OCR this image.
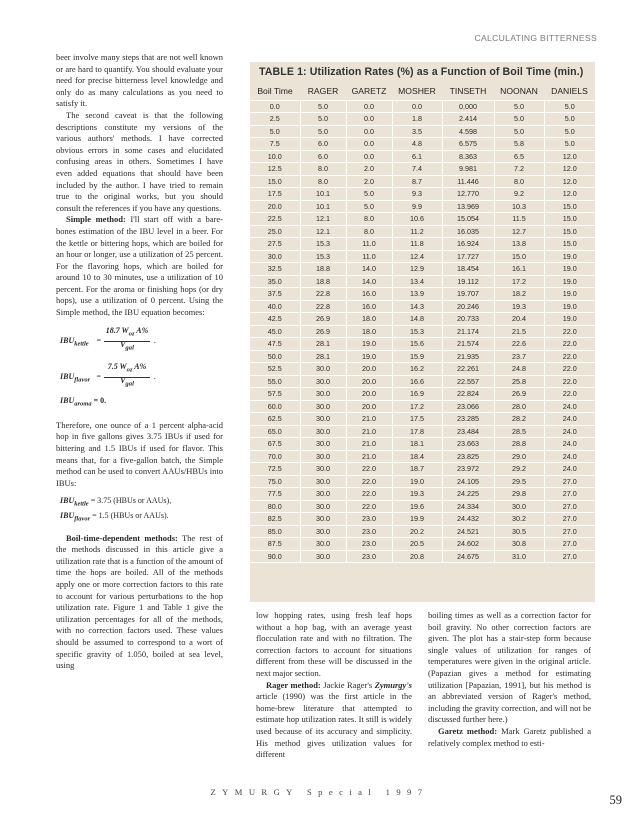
CALCULATING BITTERNESS

beer involve many steps that are not well known or are hard to quantify. You should evaluate your need for precise bitterness level knowledge and only do as many calculations as you need to satisfy it.

The second caveat is that the following descriptions constitute my versions of the various authors' methods. I have corrected obvious errors in some cases and elucidated confusing areas in others. Sometimes I have even added equations that should have been included by the author. I have tried to remain true to the original works, but you should consult the references if you have any questions.

Simple method: I'll start off with a bare-bones estimation of the IBU level in a beer. For the kettle or bittering hops, which are boiled for an hour or longer, use a utilization of 25 percent. For the flavoring hops, which are boiled for around 10 to 30 minutes, use a utilization of 10 percent. For the aroma or finishing hops (or dry hops), use a utilization of 0 percent. Using the Simple method, the IBU equation becomes:

$IBU_{kettle}$ =
18.7 $W_{oz}$ A%
$V_{gal}$
.
$IBU_{flavor}$ =
7.5 $W_{oz}$ A%
$V_{gal}$
.
$IBU_{aroma} = 0$.

Therefore, one ounce of a 1 percent alpha-acid hop in five gallons gives 3.75 IBUs if used for bittering and 1.5 IBUs if used for flavor. This means that, for a five-gallon batch, the Simple method can be used to convert AAUs/HBUs into IBUs:

$IBU_{kettle} = 3.75$ (HBUs or AAUs),
$IBU_{flavor} = 1.5$ (HBUs or AAUs).

Boil-time-dependent methods: The rest of the methods discussed in this article give a utilization rate that is a function of the amount of time the hops are boiled. All of the methods apply one or more correction factors to this rate to account for various perturbations to the hop utilization rate. Figure 1 and Table 1 give the utilization percentages for all of the methods, with no correction factors used. These values should be assumed to correspond to a wort of specific gravity of 1.050, boiled at sea level, using

TABLE 1: Utilization Rates (%) as a Function of Boil Time (min.)
Boil Time	RAGER	GARETZ	MOSHER	TINSETH	NOONAN	DANIELS
0.0	5.0	0.0	0.0	0.000	5.0	5.0
2.5	5.0	0.0	1.8	2.414	5.0	5.0
5.0	5.0	0.0	3.5	4.598	5.0	5.0
7.5	6.0	0.0	4.8	6.575	5.8	5.0
10.0	6.0	0.0	6.1	8.363	6.5	12.0
12.5	8.0	2.0	7.4	9.981	7.2	12.0
15.0	8.0	2.0	8.7	11.446	8.0	12.0
17.5	10.1	5.0	9.3	12.770	9.2	12.0
20.0	10.1	5.0	9.9	13.969	10.3	15.0
22.5	12.1	8.0	10.6	15.054	11.5	15.0
25.0	12.1	8.0	11.2	16.035	12.7	15.0
27.5	15.3	11.0	11.8	16.924	13.8	15.0
30.0	15.3	11.0	12.4	17.727	15.0	19.0
32.5	18.8	14.0	12.9	18.454	16.1	19.0
35.0	18.8	14.0	13.4	19.112	17.2	19.0
37.5	22.8	16.0	13.9	19.707	18.2	19.0
40.0	22.8	16.0	14.3	20.246	19.3	19.0
42.5	26.9	18.0	14.8	20.733	20.4	19.0
45.0	26.9	18.0	15.3	21.174	21.5	22.0
47.5	28.1	19.0	15.6	21.574	22.6	22.0
50.0	28.1	19.0	15.9	21.935	23.7	22.0
52.5	30.0	20.0	16.2	22.261	24.8	22.0
55.0	30.0	20.0	16.6	22.557	25.8	22.0
57.5	30.0	20.0	16.9	22.824	26.9	22.0
60.0	30.0	20.0	17.2	23.066	28.0	24.0
62.5	30.0	21.0	17.5	23.285	28.2	24.0
65.0	30.0	21.0	17.8	23.484	28.5	24.0
67.5	30.0	21.0	18.1	23.663	28.8	24.0
70.0	30.0	21.0	18.4	23.825	29.0	24.0
72.5	30.0	22.0	18.7	23.972	29.2	24.0
75.0	30.0	22.0	19.0	24.105	29.5	27.0
77.5	30.0	22.0	19.3	24.225	29.8	27.0
80.0	30.0	22.0	19.6	24.334	30.0	27.0
82.5	30.0	23.0	19.9	24.432	30.2	27.0
85.0	30.0	23.0	20.2	24.521	30.5	27.0
87.5	30.0	23.0	20.5	24.602	30.8	27.0
90.0	30.0	23.0	20.8	24.675	31.0	27.0

low hopping rates, using fresh leaf hops without a hop bag, with an average yeast flocculation rate and with no filtration. The correction factors to account for situations different from these will be discussed in the next major section.

Rager method: Jackie Rager's Zymurgy's article (1990) was the first article in the home-brew literature that attempted to estimate hop utilization rates. It still is widely used because of its accuracy and simplicity. His method gives utilization values for different

boiling times as well as a correction factor for boil gravity. No other correction factors are given. The plot has a stair-step form because single values of utilization for ranges of temperatures were given in the original article. (Papazian gives a method for estimating utilization [Papazian, 1991], but his method is an abbreviated version of Rager's method, including the gravity correction, and will not be discussed further here.)

Garetz method: Mark Garetz published a relatively complex method to esti-

ZYMURGY Special 1997
59
